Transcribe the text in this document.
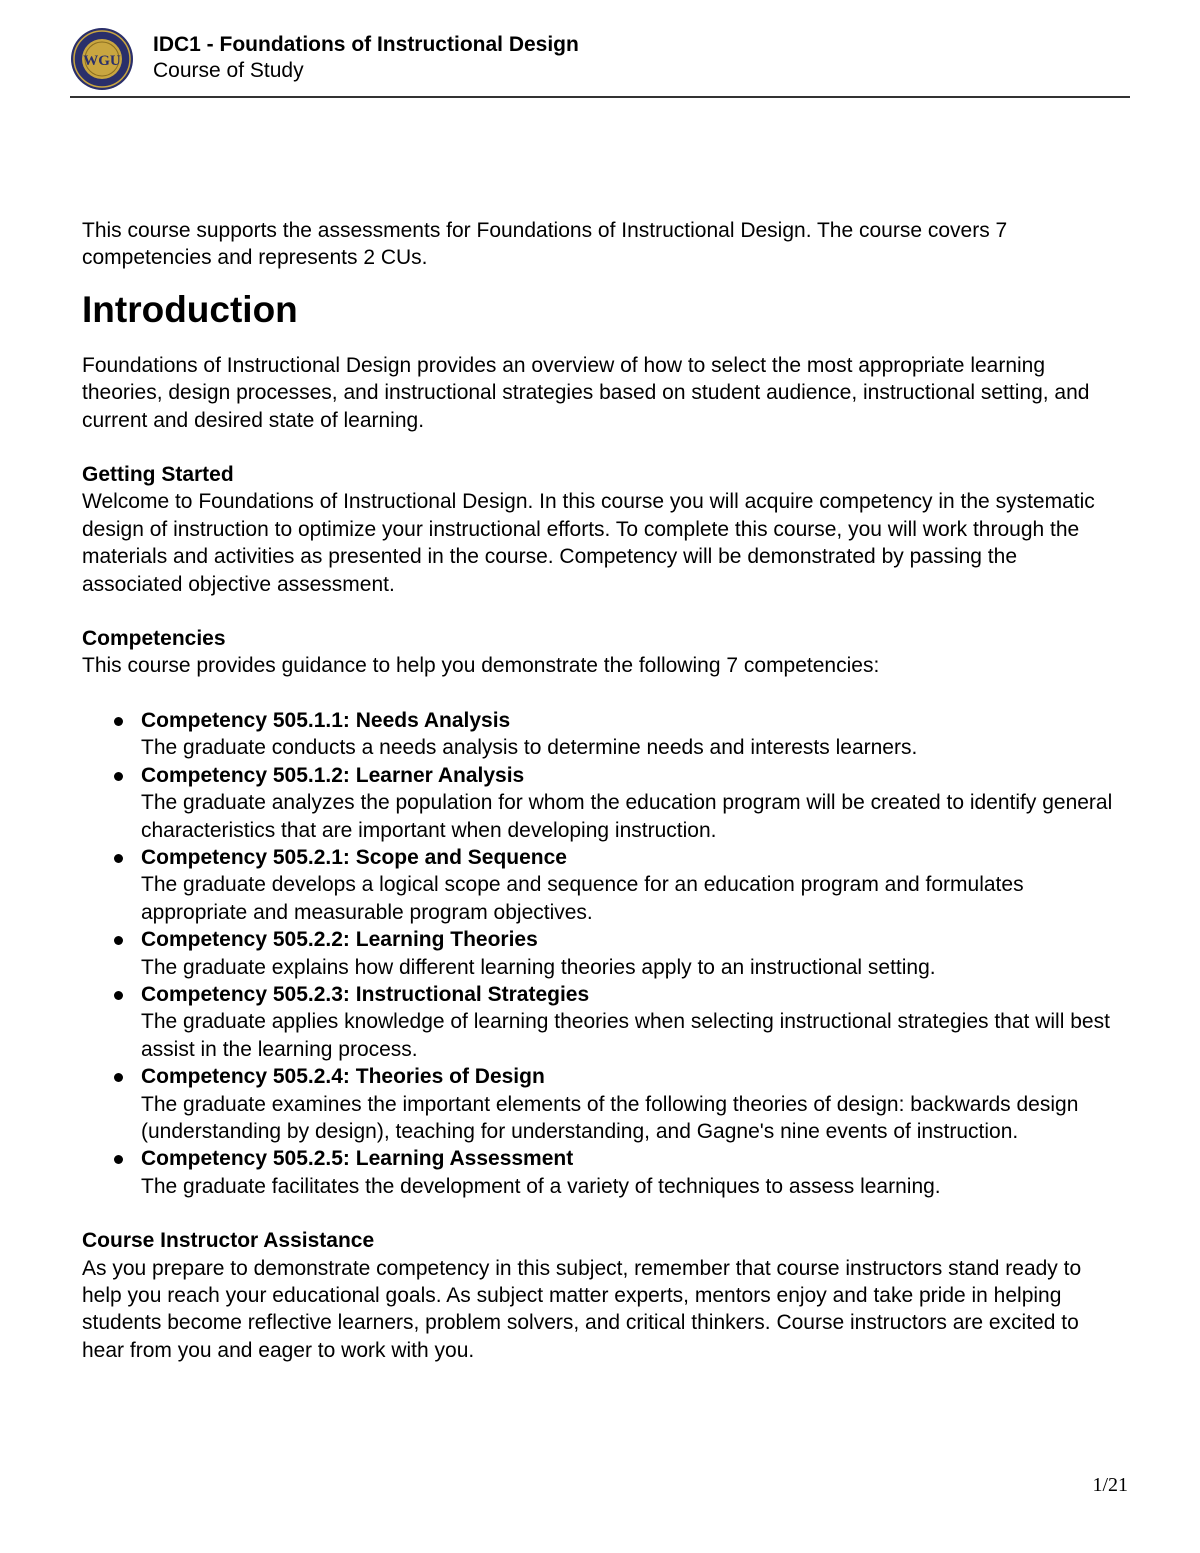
WGU
IDC1 - Foundations of Instructional Design
Course of Study

This course supports the assessments for Foundations of Instructional Design. The course covers 7 competencies and represents 2 CUs.

Introduction

Foundations of Instructional Design provides an overview of how to select the most appropriate learning theories, design processes, and instructional strategies based on student audience, instructional setting, and current and desired state of learning.

Getting Started

Welcome to Foundations of Instructional Design. In this course you will acquire competency in the systematic design of instruction to optimize your instructional efforts. To complete this course, you will work through the materials and activities as presented in the course. Competency will be demonstrated by passing the associated objective assessment.

Competencies

This course provides guidance to help you demonstrate the following 7 competencies:

Competency 505.1.1: Needs Analysis
The graduate conducts a needs analysis to determine needs and interests learners.
Competency 505.1.2: Learner Analysis
The graduate analyzes the population for whom the education program will be created to identify general characteristics that are important when developing instruction.
Competency 505.2.1: Scope and Sequence
The graduate develops a logical scope and sequence for an education program and formulates appropriate and measurable program objectives.
Competency 505.2.2: Learning Theories
The graduate explains how different learning theories apply to an instructional setting.
Competency 505.2.3: Instructional Strategies
The graduate applies knowledge of learning theories when selecting instructional strategies that will best assist in the learning process.
Competency 505.2.4: Theories of Design
The graduate examines the important elements of the following theories of design: backwards design (understanding by design), teaching for understanding, and Gagne's nine events of instruction.
Competency 505.2.5: Learning Assessment
The graduate facilitates the development of a variety of techniques to assess learning.
Course Instructor Assistance

As you prepare to demonstrate competency in this subject, remember that course instructors stand ready to help you reach your educational goals. As subject matter experts, mentors enjoy and take pride in helping students become reflective learners, problem solvers, and critical thinkers. Course instructors are excited to hear from you and eager to work with you.

1/21
